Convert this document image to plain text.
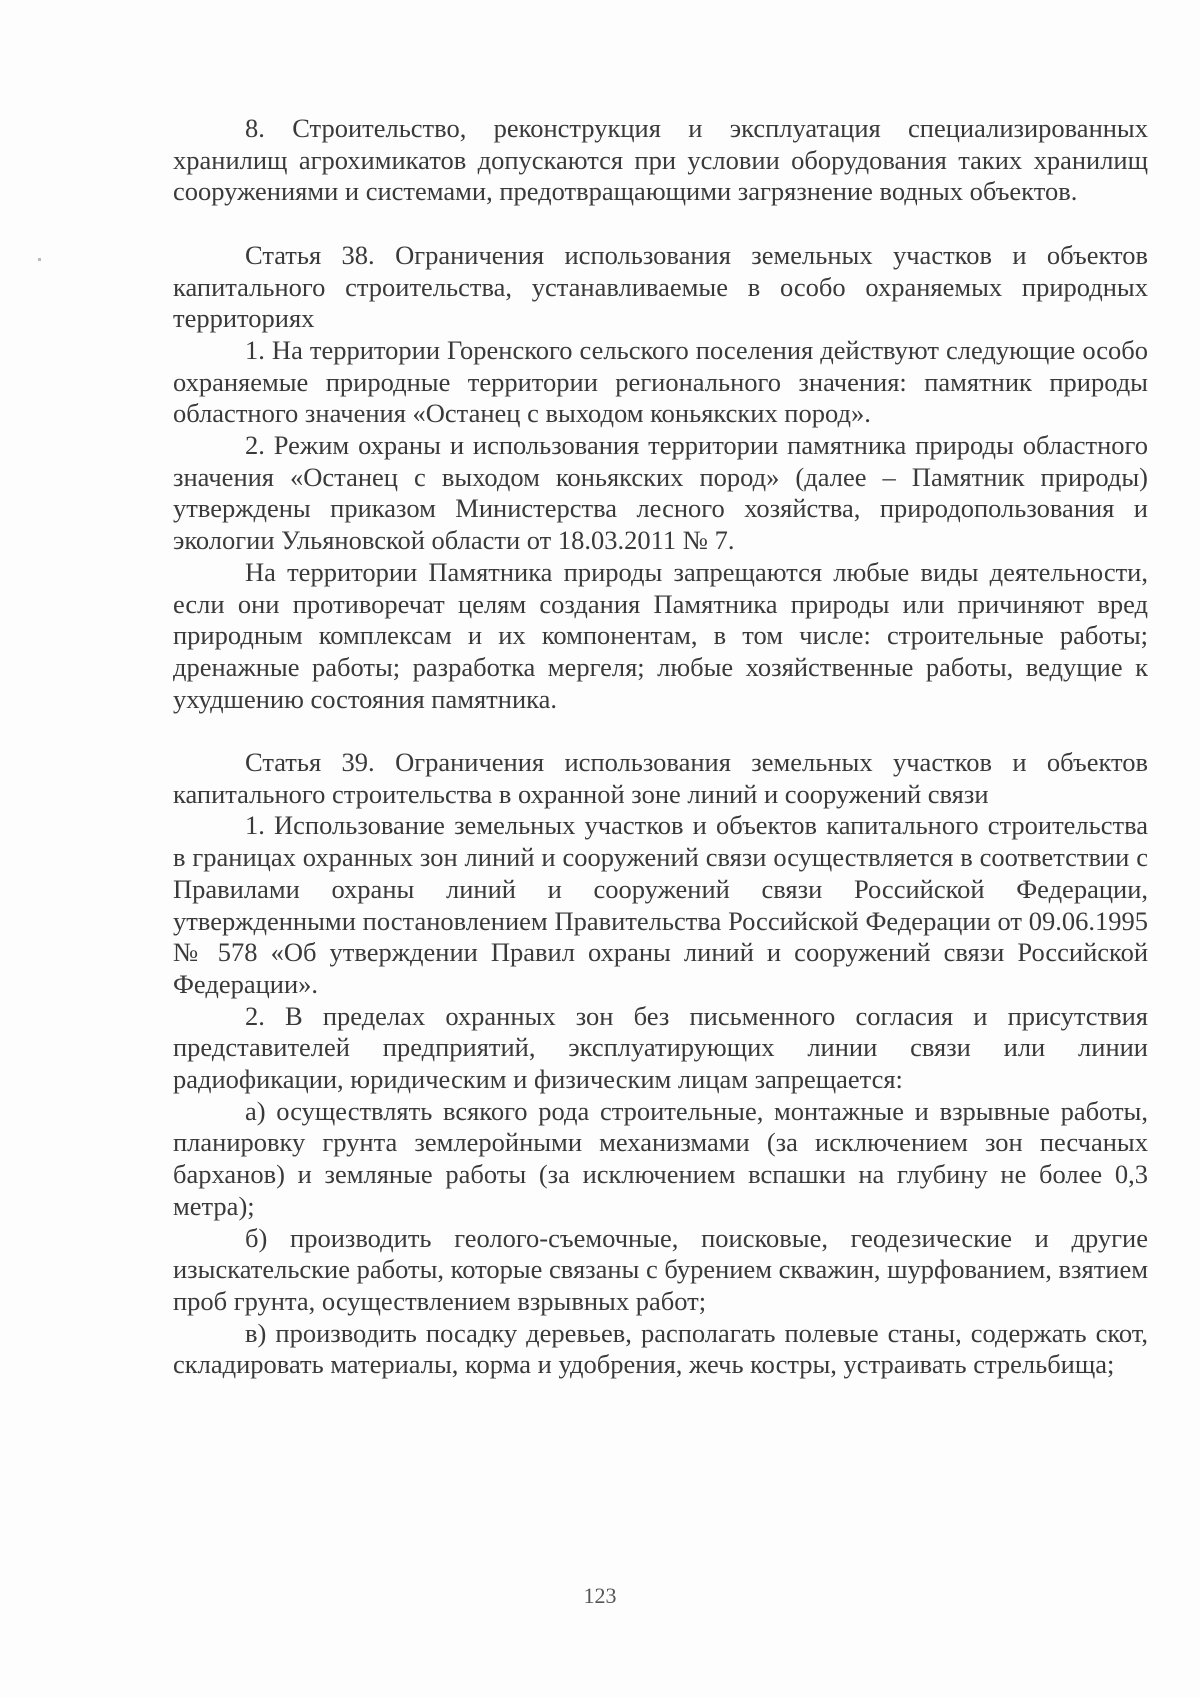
8. Строительство, реконструкция и эксплуатация специализированных хранилищ агрохимикатов допускаются при условии оборудования таких хранилищ сооружениями и системами, предотвращающими загрязнение водных объектов.

Статья 38. Ограничения использования земельных участков и объектов капитального строительства, устанавливаемые в особо охраняемых природных территориях

1. На территории Горенского сельского поселения действуют следующие особо охраняемые природные территории регионального значения: памятник природы областного значения «Останец с выходом коньякских пород».

2. Режим охраны и использования территории памятника природы областного значения «Останец с выходом коньякских пород» (далее – Памятник природы) утверждены приказом Министерства лесного хозяйства, природопользования и экологии Ульяновской области от 18.03.2011 № 7.

На территории Памятника природы запрещаются любые виды деятельности, если они противоречат целям создания Памятника природы или причиняют вред природным комплексам и их компонентам, в том числе: строительные работы; дренажные работы; разработка мергеля; любые хозяйственные работы, ведущие к ухудшению состояния памятника.

Статья 39. Ограничения использования земельных участков и объектов капитального строительства в охранной зоне линий и сооружений связи

1. Использование земельных участков и объектов капитального строительства в границах охранных зон линий и сооружений связи осуществляется в соответствии с Правилами охраны линий и сооружений связи Российской Федерации, утвержденными постановлением Правительства Российской Федерации от 09.06.1995 № 578 «Об утверждении Правил охраны линий и сооружений связи Российской Федерации».

2. В пределах охранных зон без письменного согласия и присутствия представителей предприятий, эксплуатирующих линии связи или линии радиофикации, юридическим и физическим лицам запрещается:

а) осуществлять всякого рода строительные, монтажные и взрывные работы, планировку грунта землеройными механизмами (за исключением зон песчаных барханов) и земляные работы (за исключением вспашки на глубину не более 0,3 метра);

б) производить геолого-съемочные, поисковые, геодезические и другие изыскательские работы, которые связаны с бурением скважин, шурфованием, взятием проб грунта, осуществлением взрывных работ;

в) производить посадку деревьев, располагать полевые станы, содержать скот, складировать материалы, корма и удобрения, жечь костры, устраивать стрельбища;

123
